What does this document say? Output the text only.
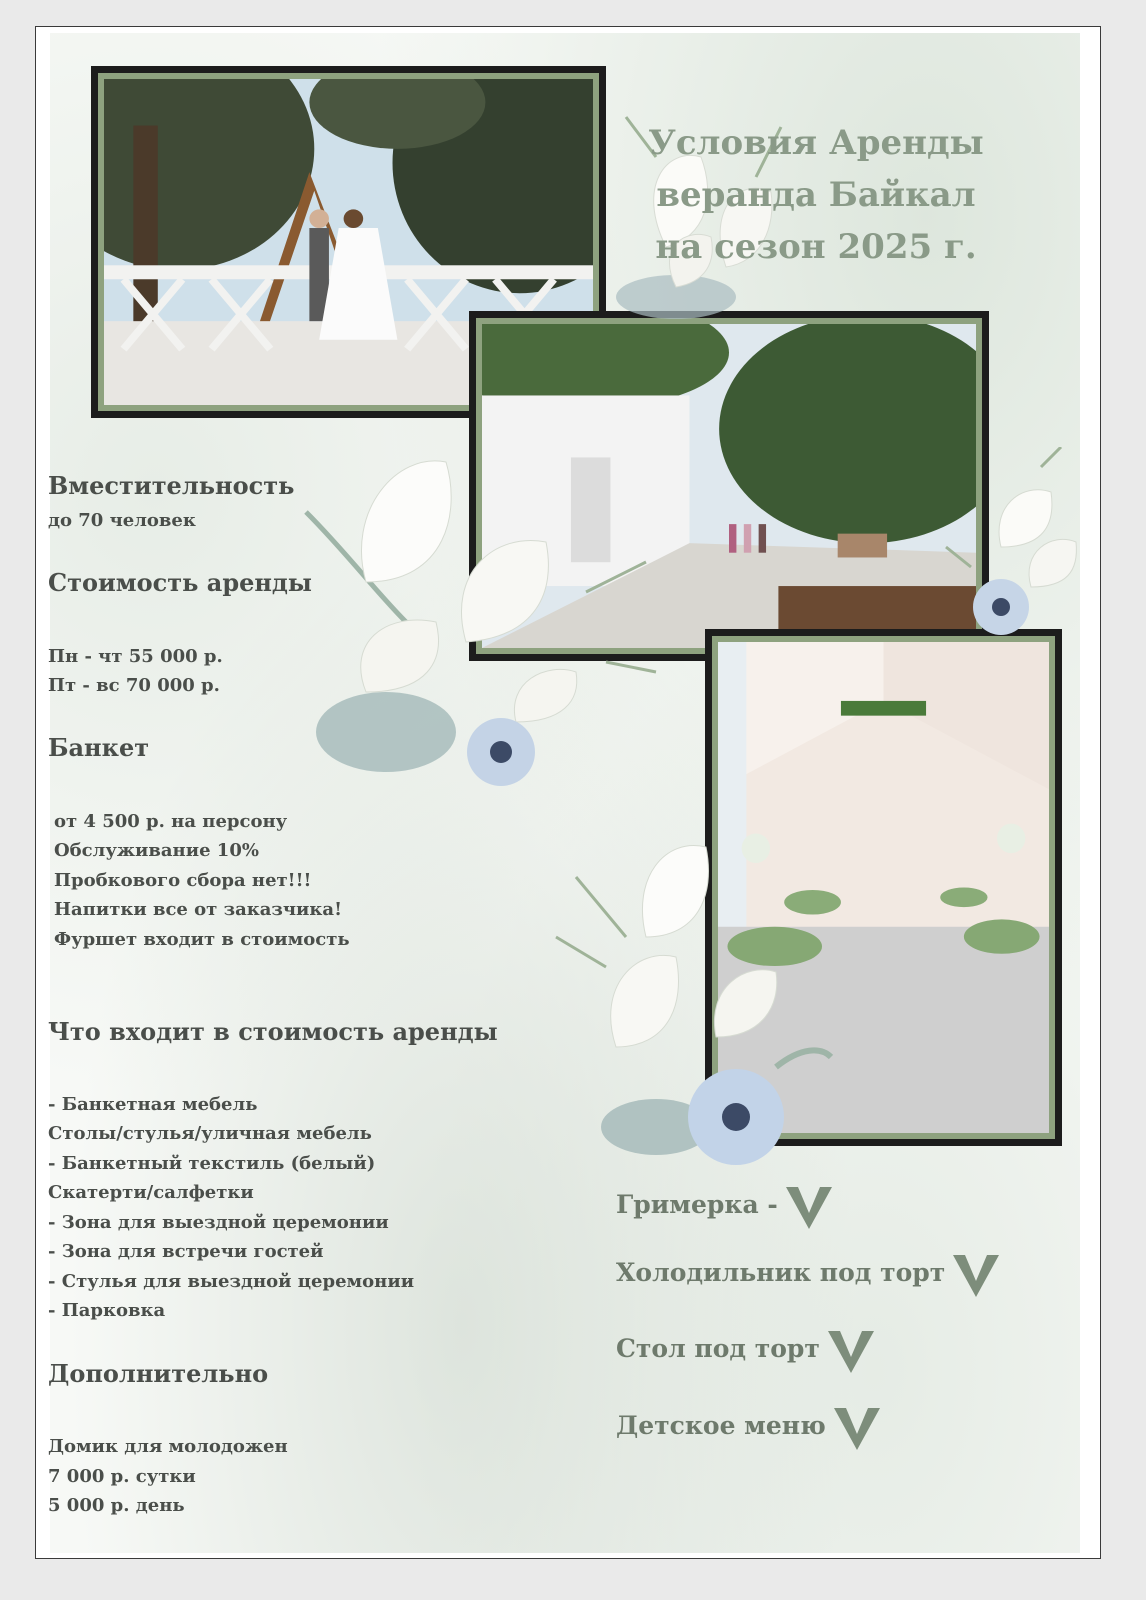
Условия Аренды
веранда Байкал
на сезон 2025 г.
Вместительность
до 70 человек
Стоимость аренды
Пн - чт 55 000 р.
Пт - вс 70 000 р.
Банкет
от 4 500 р. на персону
Обслуживание 10%
Пробкового сбора нет!!!
Напитки все от заказчика!
Фуршет входит в стоимость
Что входит в стоимость аренды
- Банкетная мебель
Столы/стулья/уличная мебель
- Банкетный текстиль (белый)
Скатерти/салфетки
- Зона для выездной церемонии
- Зона для встречи гостей
- Стулья для выездной церемонии
- Парковка
Дополнительно
Домик для молодожен
7 000 р. сутки
5 000 р. день
Гримерка -
Холодильник под торт
Стол под торт
Детское меню
